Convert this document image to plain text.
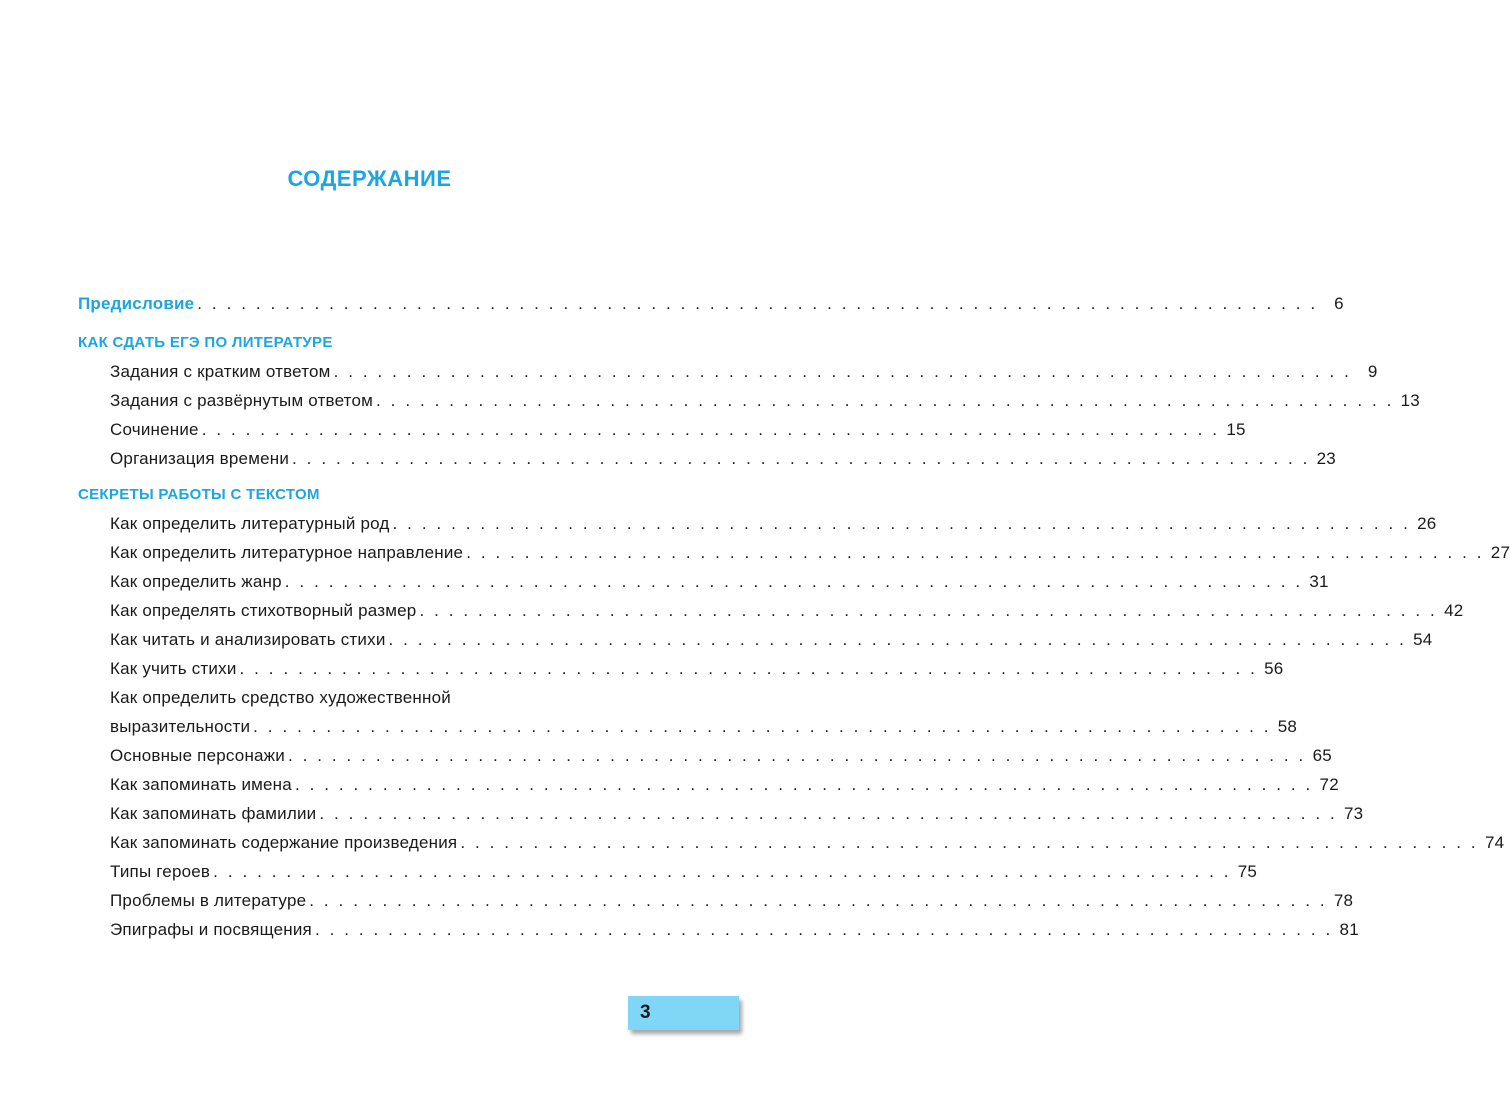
СОДЕРЖАНИЕ
Предисловие . . . . . . . . . . . . . . . . . . . . . . . . . . . . . . . . . . . . . . . . . . . . . . . . . . . . . . . . . . . . . . . . . . . . . . . . . . . . . 6
КАК СДАТЬ ЕГЭ ПО ЛИТЕРАТУРЕ
Задания с кратким ответом . . . . . . . . . . . . . . . . . . . . . . . . . . . . . . . . . . . . . . . . . . . . . . . . . . . . . . . . . . . . . . . . . . . . . . 9
Задания с развёрнутым ответом . . . . . . . . . . . . . . . . . . . . . . . . . . . . . . . . . . . . . . . . . . . . . . . . . . . . . . . . . . . . . . . . . . . . . . 13
Сочинение . . . . . . . . . . . . . . . . . . . . . . . . . . . . . . . . . . . . . . . . . . . . . . . . . . . . . . . . . . . . . . . . . . . . . . 15
Организация времени . . . . . . . . . . . . . . . . . . . . . . . . . . . . . . . . . . . . . . . . . . . . . . . . . . . . . . . . . . . . . . . . . . . . . . 23
СЕКРЕТЫ РАБОТЫ С ТЕКСТОМ
Как определить литературный род . . . . . . . . . . . . . . . . . . . . . . . . . . . . . . . . . . . . . . . . . . . . . . . . . . . . . . . . . . . . . . . . . . . . . . 26
Как определить литературное направление . . . . . . . . . . . . . . . . . . . . . . . . . . . . . . . . . . . . . . . . . . . . . . . . . . . . . . . . . . . . . . . . . . . . . . 27
Как определить жанр . . . . . . . . . . . . . . . . . . . . . . . . . . . . . . . . . . . . . . . . . . . . . . . . . . . . . . . . . . . . . . . . . . . . . . 31
Как определять стихотворный размер . . . . . . . . . . . . . . . . . . . . . . . . . . . . . . . . . . . . . . . . . . . . . . . . . . . . . . . . . . . . . . . . . . . . . . 42
Как читать и анализировать стихи . . . . . . . . . . . . . . . . . . . . . . . . . . . . . . . . . . . . . . . . . . . . . . . . . . . . . . . . . . . . . . . . . . . . . . 54
Как учить стихи . . . . . . . . . . . . . . . . . . . . . . . . . . . . . . . . . . . . . . . . . . . . . . . . . . . . . . . . . . . . . . . . . . . . . . 56
Как определить средство художественной
выразительности . . . . . . . . . . . . . . . . . . . . . . . . . . . . . . . . . . . . . . . . . . . . . . . . . . . . . . . . . . . . . . . . . . . . . . 58
Основные персонажи . . . . . . . . . . . . . . . . . . . . . . . . . . . . . . . . . . . . . . . . . . . . . . . . . . . . . . . . . . . . . . . . . . . . . . 65
Как запоминать имена . . . . . . . . . . . . . . . . . . . . . . . . . . . . . . . . . . . . . . . . . . . . . . . . . . . . . . . . . . . . . . . . . . . . . . 72
Как запоминать фамилии . . . . . . . . . . . . . . . . . . . . . . . . . . . . . . . . . . . . . . . . . . . . . . . . . . . . . . . . . . . . . . . . . . . . . . 73
Как запоминать содержание произведения . . . . . . . . . . . . . . . . . . . . . . . . . . . . . . . . . . . . . . . . . . . . . . . . . . . . . . . . . . . . . . . . . . . . . . 74
Типы героев . . . . . . . . . . . . . . . . . . . . . . . . . . . . . . . . . . . . . . . . . . . . . . . . . . . . . . . . . . . . . . . . . . . . . . 75
Проблемы в литературе . . . . . . . . . . . . . . . . . . . . . . . . . . . . . . . . . . . . . . . . . . . . . . . . . . . . . . . . . . . . . . . . . . . . . . 78
Эпиграфы и посвящения . . . . . . . . . . . . . . . . . . . . . . . . . . . . . . . . . . . . . . . . . . . . . . . . . . . . . . . . . . . . . . . . . . . . . . 81
3
